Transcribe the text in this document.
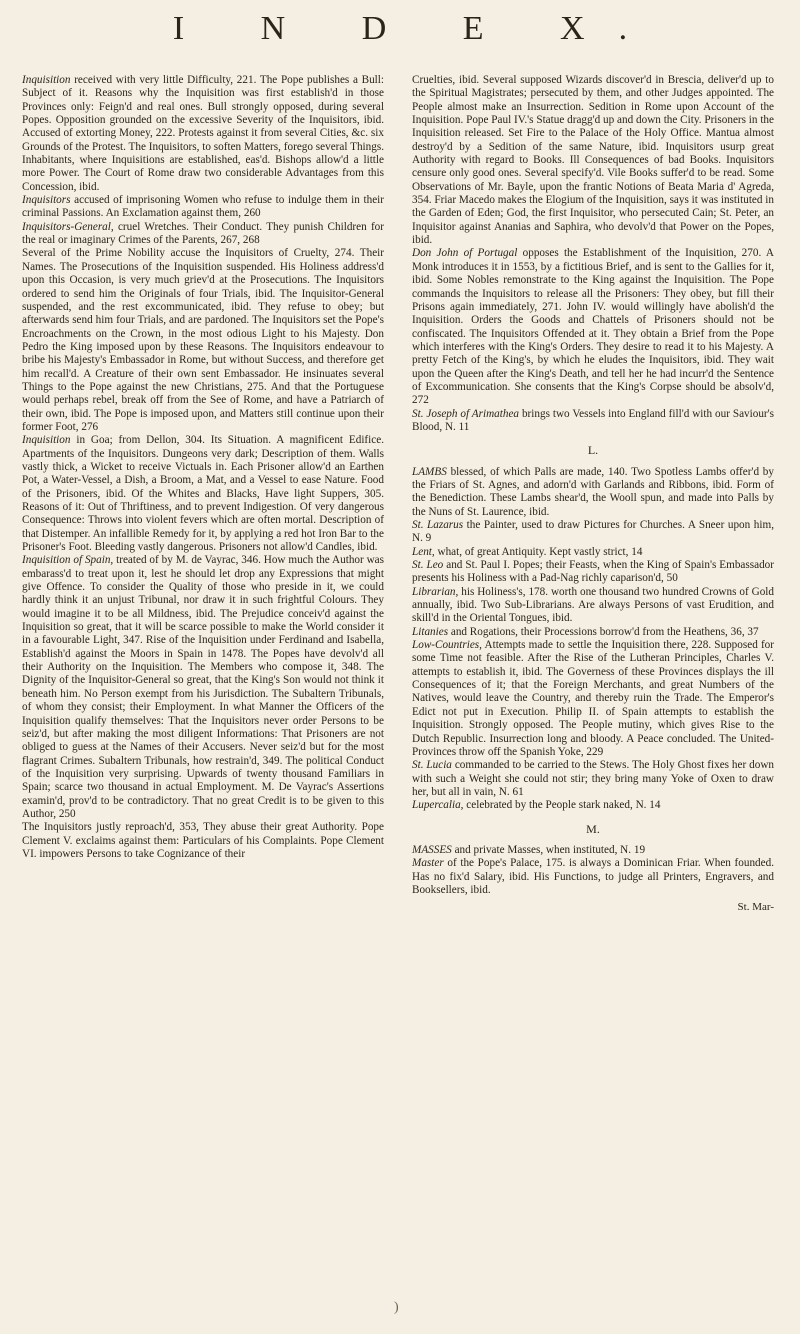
I N D E X.

Inquisition received with very little Difficulty, 221. The Pope publishes a Bull: Subject of it. Reasons why the Inquisition was first establish'd in those Provinces only: Feign'd and real ones. Bull strongly opposed, during several Popes. Opposition grounded on the excessive Severity of the Inquisitors, ibid. Accused of extorting Money, 222. Protests against it from several Cities, &c. six Grounds of the Protest. The Inquisitors, to soften Matters, forego several Things. Inhabitants, where Inquisitions are established, eas'd. Bishops allow'd a little more Power. The Court of Rome draw two considerable Advantages from this Concession, ibid.

Inquisitors accused of imprisoning Women who refuse to indulge them in their criminal Passions. An Exclamation against them, 260

Inquisitors-General, cruel Wretches. Their Conduct. They punish Children for the real or imaginary Crimes of the Parents, 267, 268

Several of the Prime Nobility accuse the Inquisitors of Cruelty, 274. Their Names. The Prosecutions of the Inquisition suspended. His Holiness address'd upon this Occasion, is very much griev'd at the Prosecutions. The Inquisitors ordered to send him the Originals of four Trials, ibid. The Inquisitor-General suspended, and the rest excommunicated, ibid. They refuse to obey; but afterwards send him four Trials, and are pardoned. The Inquisitors set the Pope's Encroachments on the Crown, in the most odious Light to his Majesty. Don Pedro the King imposed upon by these Reasons. The Inquisitors endeavour to bribe his Majesty's Embassador in Rome, but without Success, and therefore get him recall'd. A Creature of their own sent Embassador. He insinuates several Things to the Pope against the new Christians, 275. And that the Portuguese would perhaps rebel, break off from the See of Rome, and have a Patriarch of their own, ibid. The Pope is imposed upon, and Matters still continue upon their former Foot, 276

Inquisition in Goa; from Dellon, 304. Its Situation. A magnificent Edifice. Apartments of the Inquisitors. Dungeons very dark; Description of them. Walls vastly thick, a Wicket to receive Victuals in. Each Prisoner allow'd an Earthen Pot, a Water-Vessel, a Dish, a Broom, a Mat, and a Vessel to ease Nature. Food of the Prisoners, ibid. Of the Whites and Blacks, Have light Suppers, 305. Reasons of it: Out of Thriftiness, and to prevent Indigestion. Of very dangerous Consequence: Throws into violent fevers which are often mortal. Description of that Distemper. An infallible Remedy for it, by applying a red hot Iron Bar to the Prisoner's Foot. Bleeding vastly dangerous. Prisoners not allow'd Candles, ibid.

Inquisition of Spain, treated of by M. de Vayrac, 346. How much the Author was embarass'd to treat upon it, lest he should let drop any Expressions that might give Offence. To consider the Quality of those who preside in it, we could hardly think it an unjust Tribunal, nor draw it in such frightful Colours. They would imagine it to be all Mildness, ibid. The Prejudice conceiv'd against the Inquisition so great, that it will be scarce possible to make the World consider it in a favourable Light, 347. Rise of the Inquisition under Ferdinand and Isabella, Establish'd against the Moors in Spain in 1478. The Popes have devolv'd all their Authority on the Inquisition. The Members who compose it, 348. The Dignity of the Inquisitor-General so great, that the King's Son would not think it beneath him. No Person exempt from his Jurisdiction. The Subaltern Tribunals, of whom they consist; their Employment. In what Manner the Officers of the Inquisition qualify themselves: That the Inquisitors never order Persons to be seiz'd, but after making the most diligent Informations: That Prisoners are not obliged to guess at the Names of their Accusers. Never seiz'd but for the most flagrant Crimes. Subaltern Tribunals, how restrain'd, 349. The political Conduct of the Inquisition very surprising. Upwards of twenty thousand Familiars in Spain; scarce two thousand in actual Employment. M. De Vayrac's Assertions examin'd, prov'd to be contradictory. That no great Credit is to be given to this Author, 250

The Inquisitors justly reproach'd, 353, They abuse their great Authority. Pope Clement V. exclaims against them: Particulars of his Complaints. Pope Clement VI. impowers Persons to take Cognizance of their

Cruelties, ibid. Several supposed Wizards discover'd in Brescia, deliver'd up to the Spiritual Magistrates; persecuted by them, and other Judges appointed. The People almost make an Insurrection. Sedition in Rome upon Account of the Inquisition. Pope Paul IV.'s Statue dragg'd up and down the City. Prisoners in the Inquisition released. Set Fire to the Palace of the Holy Office. Mantua almost destroy'd by a Sedition of the same Nature, ibid. Inquisitors usurp great Authority with regard to Books. Ill Consequences of bad Books. Inquisitors censure only good ones. Several specify'd. Vile Books suffer'd to be read. Some Observations of Mr. Bayle, upon the frantic Notions of Beata Maria d' Agreda, 354. Friar Macedo makes the Elogium of the Inquisition, says it was instituted in the Garden of Eden; God, the first Inquisitor, who persecuted Cain; St. Peter, an Inquisitor against Ananias and Saphira, who devolv'd that Power on the Popes, ibid.

Don John of Portugal opposes the Establishment of the Inquisition, 270. A Monk introduces it in 1553, by a fictitious Brief, and is sent to the Gallies for it, ibid. Some Nobles remonstrate to the King against the Inquisition. The Pope commands the Inquisitors to release all the Prisoners: They obey, but fill their Prisons again immediately, 271. John IV. would willingly have abolish'd the Inquisition. Orders the Goods and Chattels of Prisoners should not be confiscated. The Inquisitors Offended at it. They obtain a Brief from the Pope which interferes with the King's Orders. They desire to read it to his Majesty. A pretty Fetch of the King's, by which he eludes the Inquisitors, ibid. They wait upon the Queen after the King's Death, and tell her he had incurr'd the Sentence of Excommunication. She consents that the King's Corpse should be absolv'd, 272

St. Joseph of Arimathea brings two Vessels into England fill'd with our Saviour's Blood, N. 11

L.

LAMBS blessed, of which Palls are made, 140. Two Spotless Lambs offer'd by the Friars of St. Agnes, and adorn'd with Garlands and Ribbons, ibid. Form of the Benediction. These Lambs shear'd, the Wooll spun, and made into Palls by the Nuns of St. Laurence, ibid.

St. Lazarus the Painter, used to draw Pictures for Churches. A Sneer upon him, N. 9

Lent, what, of great Antiquity. Kept vastly strict, 14

St. Leo and St. Paul I. Popes; their Feasts, when the King of Spain's Embassador presents his Holiness with a Pad-Nag richly caparison'd, 50

Librarian, his Holiness's, 178. worth one thousand two hundred Crowns of Gold annually, ibid. Two Sub-Librarians. Are always Persons of vast Erudition, and skill'd in the Oriental Tongues, ibid.

Litanies and Rogations, their Processions borrow'd from the Heathens, 36, 37

Low-Countries, Attempts made to settle the Inquisition there, 228. Supposed for some Time not feasible. After the Rise of the Lutheran Principles, Charles V. attempts to establish it, ibid. The Governess of these Provinces displays the ill Consequences of it; that the Foreign Merchants, and great Numbers of the Natives, would leave the Country, and thereby ruin the Trade. The Emperor's Edict not put in Execution. Philip II. of Spain attempts to establish the Inquisition. Strongly opposed. The People mutiny, which gives Rise to the Dutch Republic. Insurrection long and bloody. A Peace concluded. The United-Provinces throw off the Spanish Yoke, 229

St. Lucia commanded to be carried to the Stews. The Holy Ghost fixes her down with such a Weight she could not stir; they bring many Yoke of Oxen to draw her, but all in vain, N. 61

Lupercalia, celebrated by the People stark naked, N. 14

M.

MASSES and private Masses, when instituted, N. 19

Master of the Pope's Palace, 175. is always a Dominican Friar. When founded. Has no fix'd Salary, ibid. His Functions, to judge all Printers, Engravers, and Booksellers, ibid.

St. Mar-
)
